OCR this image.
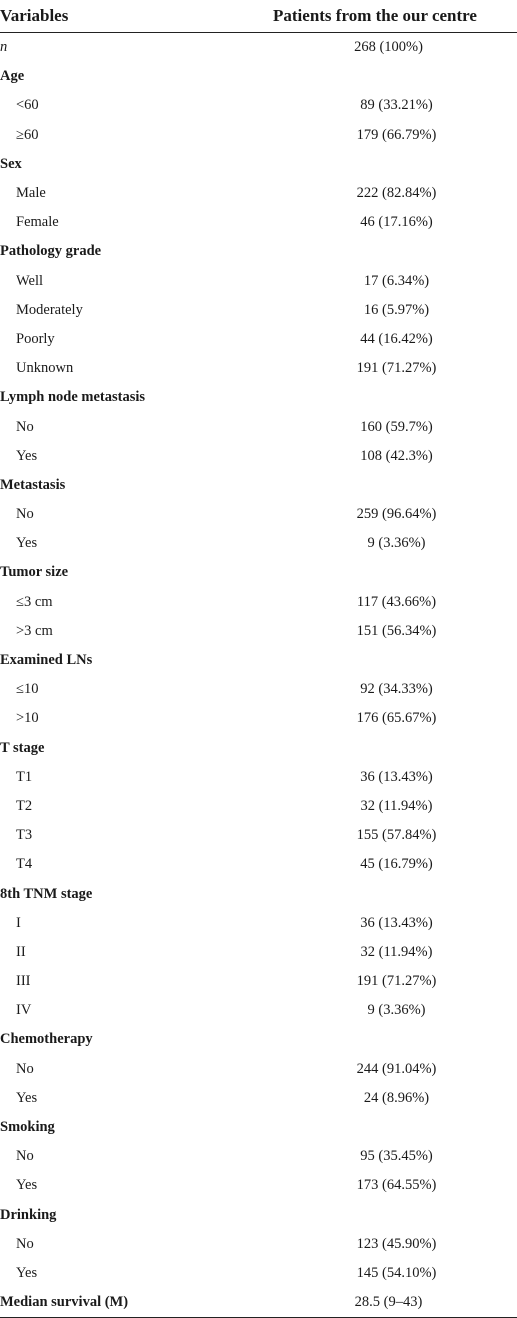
Variables	Patients from the our centre
n	268 (100%)
Age
<60	89 (33.21%)
≥60	179 (66.79%)
Sex
Male	222 (82.84%)
Female	46 (17.16%)
Pathology grade
Well	17 (6.34%)
Moderately	16 (5.97%)
Poorly	44 (16.42%)
Unknown	191 (71.27%)
Lymph node metastasis
No	160 (59.7%)
Yes	108 (42.3%)
Metastasis
No	259 (96.64%)
Yes	9 (3.36%)
Tumor size
≤3 cm	117 (43.66%)
>3 cm	151 (56.34%)
Examined LNs
≤10	92 (34.33%)
>10	176 (65.67%)
T stage
T1	36 (13.43%)
T2	32 (11.94%)
T3	155 (57.84%)
T4	45 (16.79%)
8th TNM stage
I	36 (13.43%)
II	32 (11.94%)
III	191 (71.27%)
IV	9 (3.36%)
Chemotherapy
No	244 (91.04%)
Yes	24 (8.96%)
Smoking
No	95 (35.45%)
Yes	173 (64.55%)
Drinking
No	123 (45.90%)
Yes	145 (54.10%)
Median survival (M)	28.5 (9–43)
